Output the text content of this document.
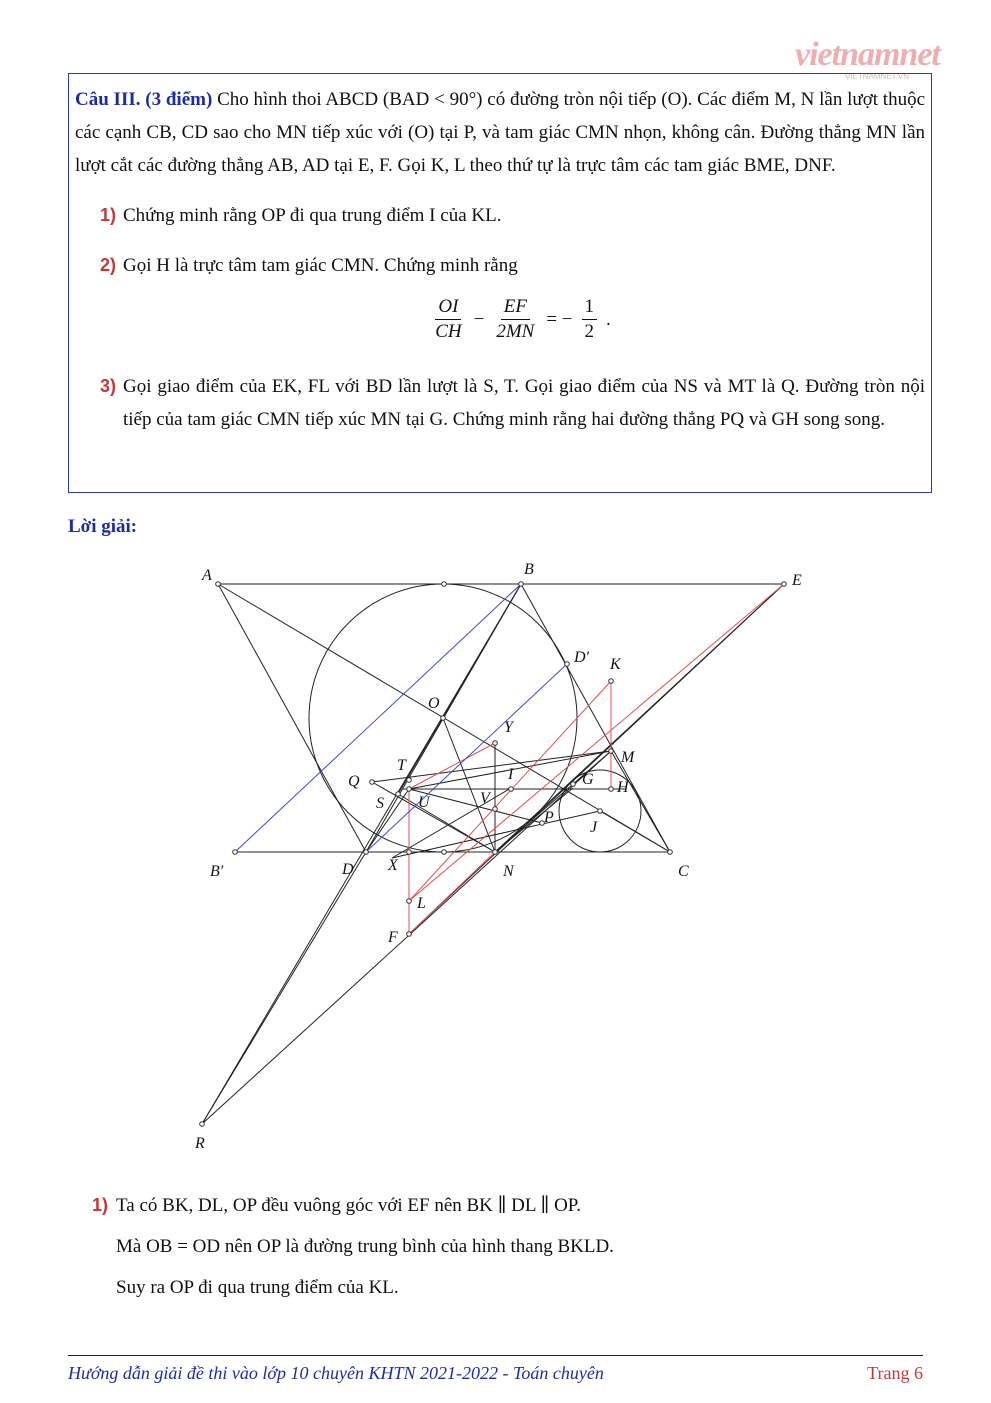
vietnamnet
VIETNAMNET.VN

Câu III. (3 điểm) Cho hình thoi ABCD (BAD < 90°) có đường tròn nội tiếp (O). Các điểm M, N lần lượt thuộc các cạnh CB, CD sao cho MN tiếp xúc với (O) tại P, và tam giác CMN nhọn, không cân. Đường thẳng MN lần lượt cắt các đường thẳng AB, AD tại E, F. Gọi K, L theo thứ tự là trực tâm các tam giác BME, DNF.

1) Chứng minh rằng OP đi qua trung điểm I của KL.
2) Gọi H là trực tâm tam giác CMN. Chứng minh rằng
$\frac{OI}{CH} - \frac{EF}{2MN}$ = − $\frac{1}{2}$ .
3) Gọi giao điểm của EK, FL với BD lần lượt là S, T. Gọi giao điểm của NS và MT là Q. Đường tròn nội tiếp của tam giác CMN tiếp xúc MN tại G. Chứng minh rằng hai đường thẳng PQ và GH song song.
Lời giải:
A	B
E
D′ K
O
Y
M
T
Q	I	G H
S U	V
P
J
B′	D X	N	C
L
F
R
1) Ta có BK, DL, OP đều vuông góc với EF nên BK ∥ DL ∥ OP.
Mà OB = OD nên OP là đường trung bình của hình thang BKLD.
Suy ra OP đi qua trung điểm của KL.
Hướng dẫn giải đề thi vào lớp 10 chuyên KHTN 2021-2022 - Toán chuyên	Trang 6
